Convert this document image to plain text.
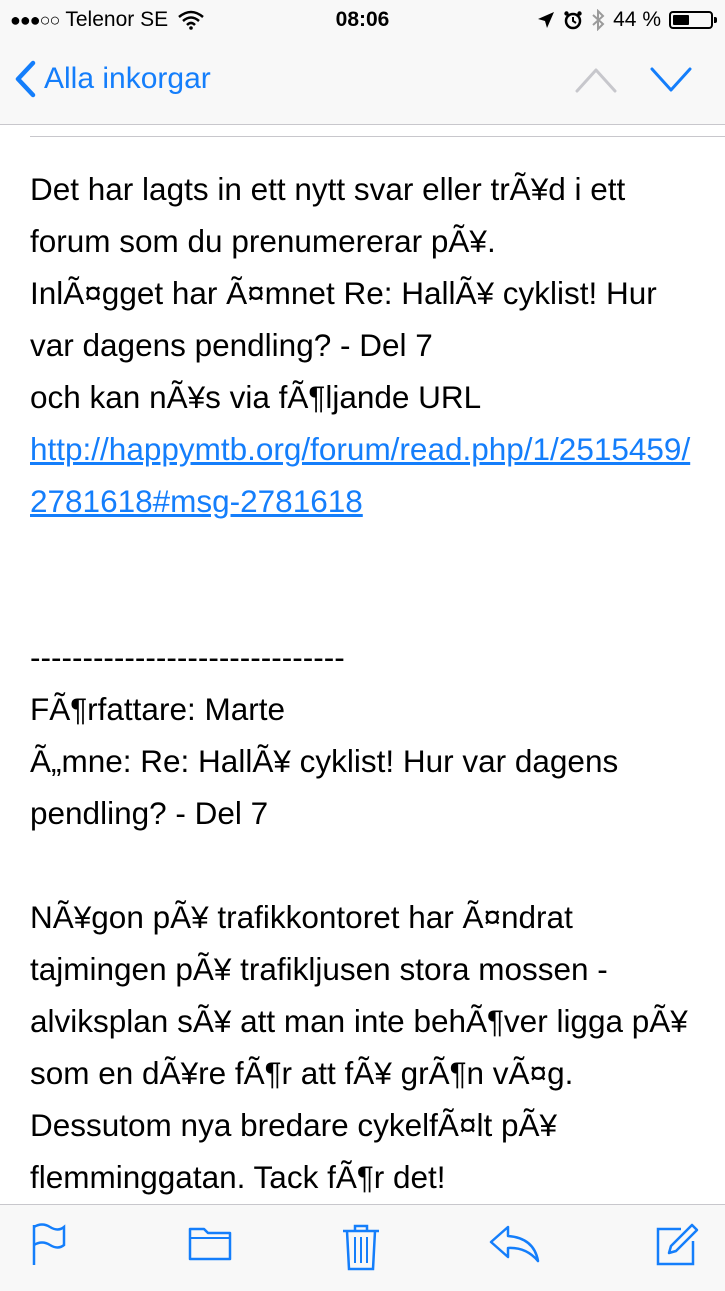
●●●○○ Telenor SE	08:06	44 %
Alla inkorgar
Det har lagts in ett nytt svar eller trÃ¥d i ett forum som du prenumererar pÃ¥.
InlÃ¤gget har Ã¤mnet Re: HallÃ¥ cyklist! Hur var dagens pendling? - Del 7
och kan nÃ¥s via fÃ¶ljande URL
http://happymtb.org/forum/read.php/1/2515459/2781618#msg-2781618

------------------------------
FÃ¶rfattare: Marte
Ã„mne: Re: HallÃ¥ cyklist! Hur var dagens pendling? - Del 7

NÃ¥gon pÃ¥ trafikkontoret har Ã¤ndrat tajmingen pÃ¥ trafikljusen stora mossen - alviksplan sÃ¥ att man inte behÃ¶ver ligga pÃ¥ som en dÃ¥re fÃ¶r att fÃ¥ grÃ¶n vÃ¤g. Dessutom nya bredare cykelfÃ¤lt pÃ¥ flemminggatan. Tack fÃ¶r det!
